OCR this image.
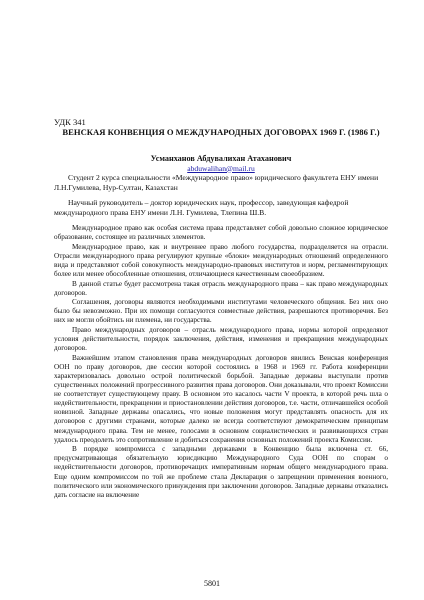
УДК 341
ВЕНСКАЯ КОНВЕНЦИЯ О МЕЖДУНАРОДНЫХ ДОГОВОРАХ 1969 Г. (1986 Г.)
Усманханов Абдувалихан Атаханович
abduwalihan@mail.ru
Студент 2 курса специальности «Международное право» юридического факультета ЕНУ имени Л.Н.Гумилева, Нур-Султан, Казахстан
Научный руководитель – доктор юридических наук, профессор, заведующая кафедрой международного права ЕНУ имени Л.Н. Гумилева, Тлепина Ш.В.

Международное право как особая система права представляет собой довольно сложное юридическое образование, состоящее из различных элементов.

Международное право, как и внутреннее право любого государства, подразделяется на отрасли. Отрасли международного права регулируют крупные «блоки» международных отношений определенного вида и представляют собой совокупность международно-правовых институтов и норм, регламентирующих более или менее обособленные отношения, отличающиеся качественным своеобразием.

В данной статье будет рассмотрена такая отрасль международного права – как право международных договоров.

Соглашения, договоры являются необходимыми институтами человеческого общения. Без них оно было бы невозможно. При их помощи согласуются совместные действия, разрешаются противоречия. Без них не могли обойтись ни племена, ни государства.

Право международных договоров – отрасль международного права, нормы которой определяют условия действительности, порядок заключения, действия, изменения и прекращения международных договоров.

Важнейшим этапом становления права международных договоров явились Венская конференция ООН по праву договоров, две сессии которой состоялись в 1968 и 1969 гг. Работа конференции характеризовалась довольно острой политической борьбой. Западные державы выступали против существенных положений прогрессивного развития права договоров. Они доказывали, что проект Комиссии не соответствует существующему праву. В основном это касалось части V проекта, в которой речь шла о недействительности, прекращении и приостановлении действия договоров, т.е. части, отличавшейся особой новизной. Западные державы опасались, что новые положения могут представлять опасность для их договоров с другими странами, которые далеко не всегда соответствуют демократическим принципам международного права. Тем не менее, голосами в основном социалистических и развивающихся стран удалось преодолеть это сопротивление и добиться сохранения основных положений проекта Комиссии.

В порядке компромисса с западными державами в Конвенцию была включена ст. 66, предусматривающая обязательную юрисдикцию Международного Суда ООН по спорам о недействительности договоров, противоречащих императивным нормам общего международного права. Еще одним компромиссом по той же проблеме стала Декларация о запрещении применения военного, политического или экономического принуждения при заключении договоров. Западные державы отказались дать согласие на включение

5801
